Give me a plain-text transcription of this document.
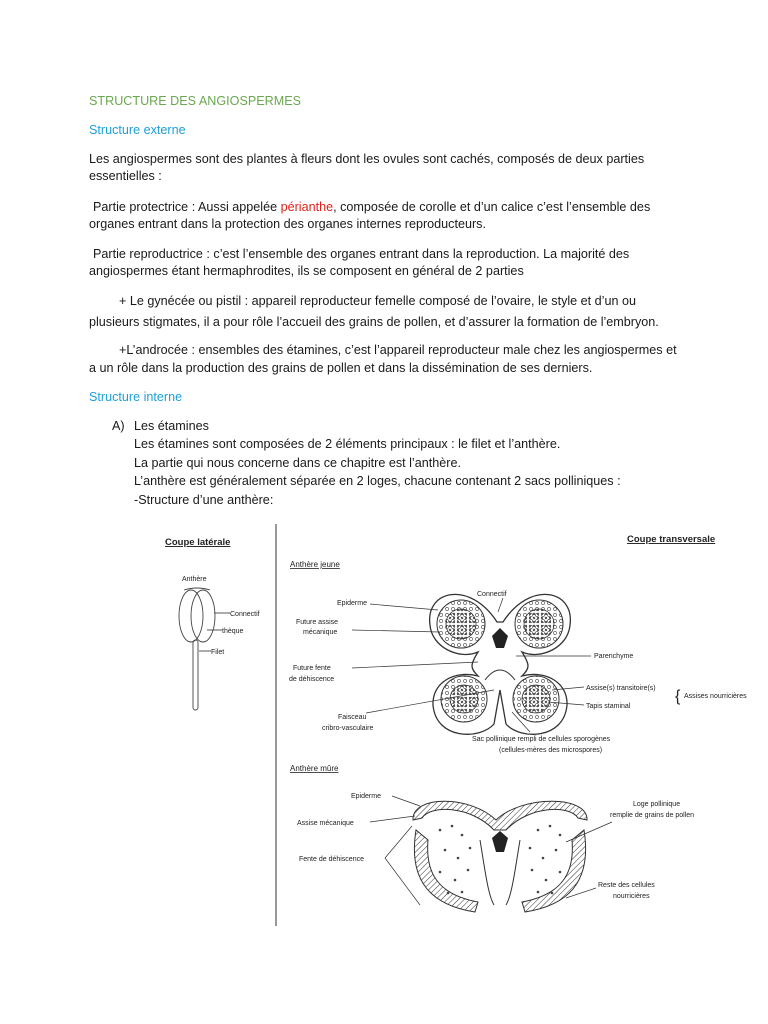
STRUCTURE DES ANGIOSPERMES
Structure externe
Les angiospermes sont des plantes à fleurs dont les ovules sont cachés, composés de deux parties
essentielles :
Partie protectrice : Aussi appelée périanthe, composée de corolle et d’un calice c’est l’ensemble des
organes entrant dans la protection des organes internes reproducteurs.
Partie reproductrice : c’est l’ensemble des organes entrant dans la reproduction. La majorité des
angiospermes étant hermaphrodites, ils se composent en général de 2 parties
+ Le gynécée ou pistil : appareil reproducteur femelle composé de l’ovaire, le style et d’un ou
plusieurs stigmates, il a pour rôle l’accueil des grains de pollen, et d’assurer la formation de l’embryon.
+L’androcée : ensembles des étamines, c’est l’appareil reproducteur male chez les angiospermes et
a un rôle dans la production des grains de pollen et dans la dissémination de ses derniers.
Structure interne
A) Les étamines
Les étamines sont composées de 2 éléments principaux : le filet et l’anthère.
La partie qui nous concerne dans ce chapitre est l’anthère.
L’anthère est généralement séparée en 2 loges, chacune contenant 2 sacs polliniques :
-Structure d’une anthère:
Coupe latérale
Anthère
Connectif
thèque
Filet
Coupe transversale
Anthère jeune
Connectif
Epiderme
Future assise
mécanique
Future fente
de déhiscence
Faisceau
cribro-vasculaire
Parenchyme
Assise(s) transitoire(s)
Tapis staminal
{ Assises nourricières
Sac pollinique rempli de cellules sporogènes
(cellules-mères des microspores)
Anthère mûre
Epiderme
Assise mécanique
Fente de déhiscence
Loge pollinique
remplie de grains de pollen
Reste des cellules
nourricières
